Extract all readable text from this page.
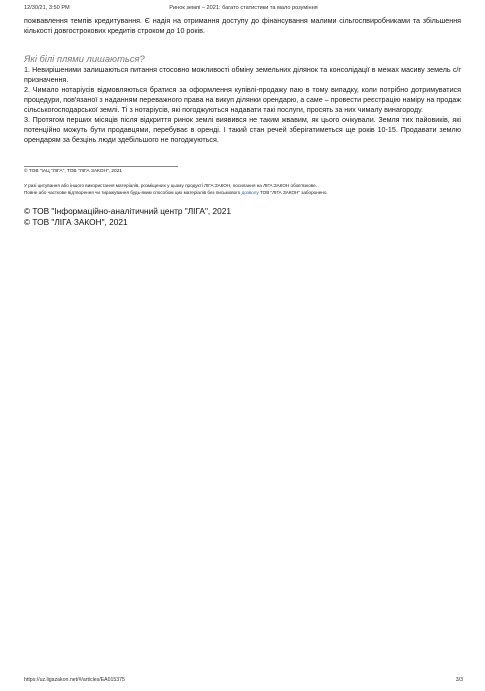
12/30/21, 3:50 PM	Ринок землі – 2021: багато статистики та мало розуміння

пожвавлення темпів кредитування. Є надія на отримання доступу до фінансування малими сільгоспвиробниками та збільшення кількості довгострокових кредитів строком до 10 років.

Які білі плями лишаються?

1. Невирішеними залишаються питання стосовно можливості обміну земельних ділянок та консолідації в межах масиву земель с/г призначення.

2. Чимало нотаріусів відмовляються братися за оформлення купівлі-продажу паю в тому випадку, коли потрібно дотримуватися процедури, пов'язаної з наданням переважного права на викуп ділянки орендарю, а саме – провести реєстрацію наміру на продаж сільськогосподарської землі. Ті з нотаріусів, які погоджуються надавати такі послуги, просять за них чималу винагороду.

3. Протягом перших місяців після відкриття ринок землі виявився не таким жвавим, як цього очікували. Земля тих пайовиків, які потенційно можуть бути продавцями, перебуває в оренді. І такий стан речей зберігатиметься ще років 10-15. Продавати землю орендарям за безцінь люди здебільшого не погоджуються.

© ТОВ "ІАЦ "ЛІГА", ТОВ "ЛІГА ЗАКОН", 2021
У разі цитування або іншого використання матеріалів, розміщених у цьому продукті ЛІГА:ЗАКОН, посилання на ЛІГА:ЗАКОН обов'язкове.
Повне або часткове відтворення чи тиражування будь-яким способом цих матеріалів без письмового дозволу ТОВ "ЛІГА ЗАКОН" заборонено.
© ТОВ "Інформаційно-аналітичний центр "ЛІГА", 2021
© ТОВ "ЛІГА ЗАКОН", 2021
https://uz.ligazakon.net/#/articles/EA015375	3/3
